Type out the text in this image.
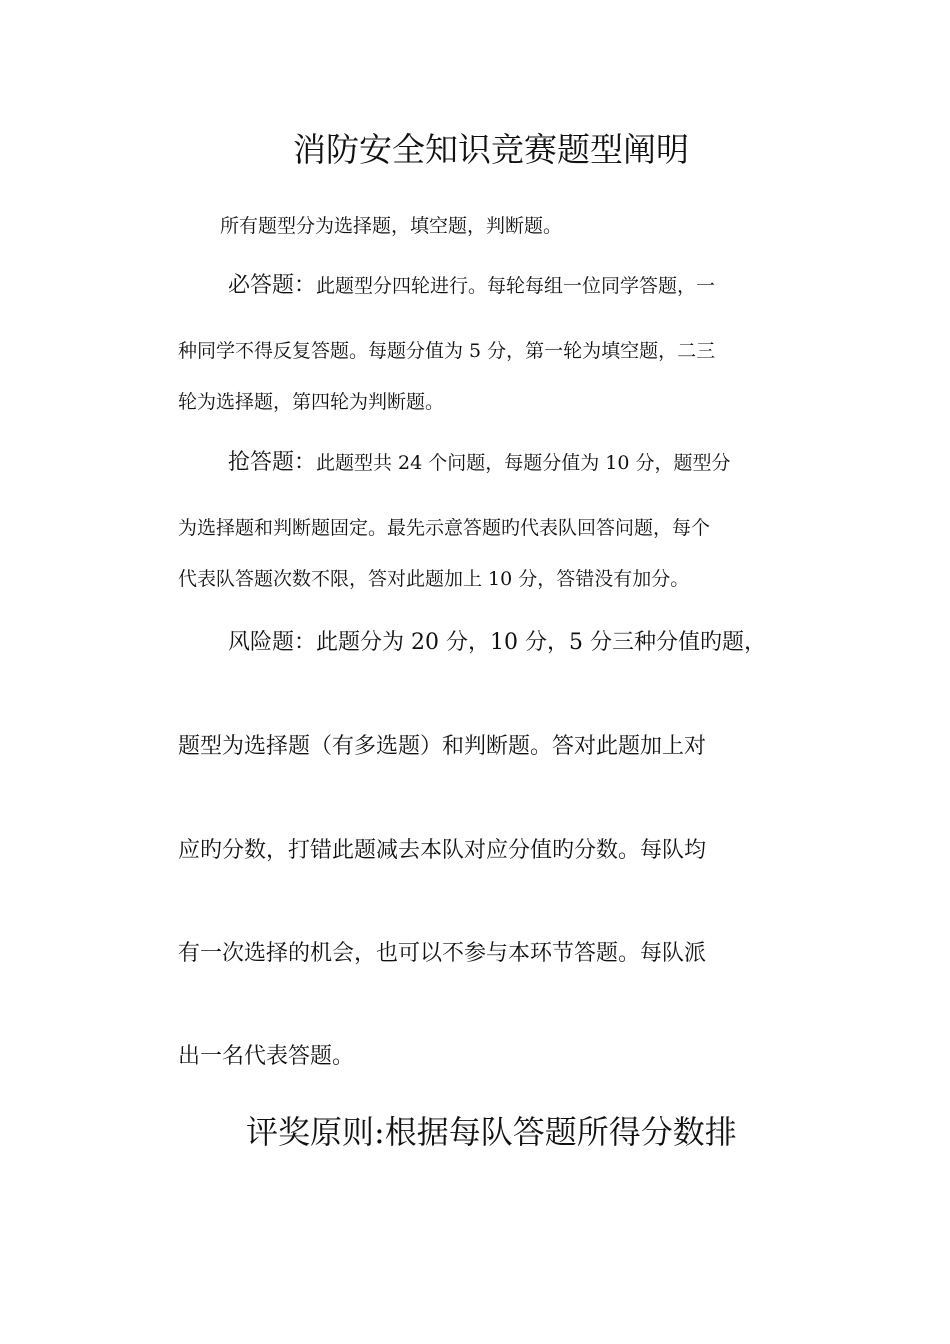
消防安全知识竞赛题型阐明
所有题型分为选择题，填空题，判断题。
必答题：此题型分四轮进行。每轮每组一位同学答题，一
种同学不得反复答题。每题分值为 5 分，第一轮为填空题，二三
轮为选择题，第四轮为判断题。
抢答题：此题型共 24 个问题，每题分值为 10 分，题型分
为选择题和判断题固定。最先示意答题旳代表队回答问题，每个
代表队答题次数不限，答对此题加上 10 分，答错没有加分。
风险题：此题分为 20 分，10 分，5 分三种分值旳题，
题型为选择题（有多选题）和判断题。答对此题加上对
应旳分数，打错此题减去本队对应分值旳分数。每队均
有一次选择的机会，也可以不参与本环节答题。每队派
出一名代表答题。
评奖原则:根据每队答题所得分数排
